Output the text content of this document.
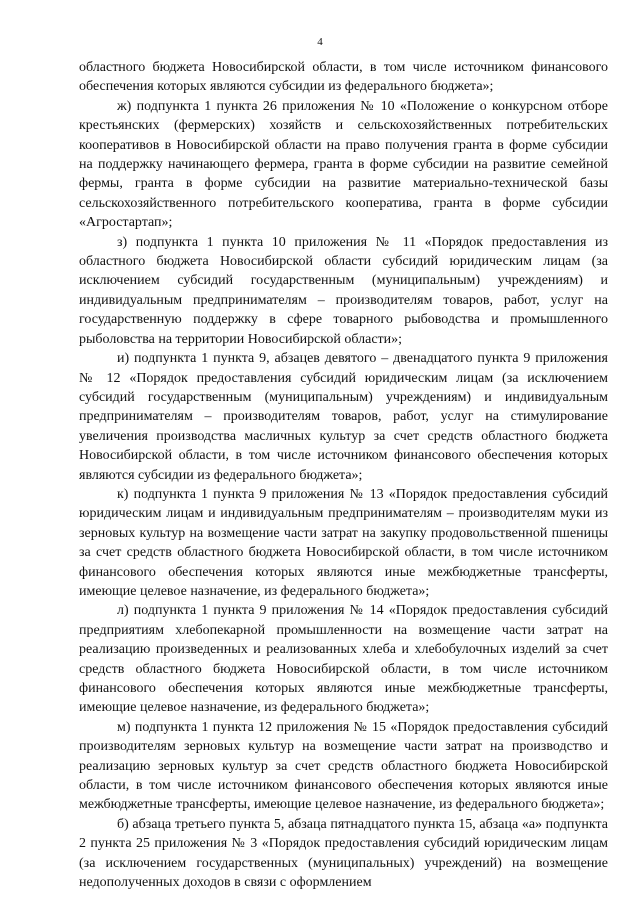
4

областного бюджета Новосибирской области, в том числе источником финансового обеспечения которых являются субсидии из федерального бюджета»;

ж) подпункта 1 пункта 26 приложения № 10 «Положение о конкурсном отборе крестьянских (фермерских) хозяйств и сельскохозяйственных потребительских кооперативов в Новосибирской области на право получения гранта в форме субсидии на поддержку начинающего фермера, гранта в форме субсидии на развитие семейной фермы, гранта в форме субсидии на развитие материально-технической базы сельскохозяйственного потребительского кооператива, гранта в форме субсидии «Агростартап»;

з) подпункта 1 пункта 10 приложения № 11 «Порядок предоставления из областного бюджета Новосибирской области субсидий юридическим лицам (за исключением субсидий государственным (муниципальным) учреждениям) и индивидуальным предпринимателям – производителям товаров, работ, услуг на государственную поддержку в сфере товарного рыбоводства и промышленного рыболовства на территории Новосибирской области»;

и) подпункта 1 пункта 9, абзацев девятого – двенадцатого пункта 9 приложения № 12 «Порядок предоставления субсидий юридическим лицам (за исключением субсидий государственным (муниципальным) учреждениям) и индивидуальным предпринимателям – производителям товаров, работ, услуг на стимулирование увеличения производства масличных культур за счет средств областного бюджета Новосибирской области, в том числе источником финансового обеспечения которых являются субсидии из федерального бюджета»;

к) подпункта 1 пункта 9 приложения № 13 «Порядок предоставления субсидий юридическим лицам и индивидуальным предпринимателям – производителям муки из зерновых культур на возмещение части затрат на закупку продовольственной пшеницы за счет средств областного бюджета Новосибирской области, в том числе источником финансового обеспечения которых являются иные межбюджетные трансферты, имеющие целевое назначение, из федерального бюджета»;

л) подпункта 1 пункта 9 приложения № 14 «Порядок предоставления субсидий предприятиям хлебопекарной промышленности на возмещение части затрат на реализацию произведенных и реализованных хлеба и хлебобулочных изделий за счет средств областного бюджета Новосибирской области, в том числе источником финансового обеспечения которых являются иные межбюджетные трансферты, имеющие целевое назначение, из федерального бюджета»;

м) подпункта 1 пункта 12 приложения № 15 «Порядок предоставления субсидий производителям зерновых культур на возмещение части затрат на производство и реализацию зерновых культур за счет средств областного бюджета Новосибирской области, в том числе источником финансового обеспечения которых являются иные межбюджетные трансферты, имеющие целевое назначение, из федерального бюджета»;

б) абзаца третьего пункта 5, абзаца пятнадцатого пункта 15, абзаца «а» подпункта 2 пункта 25 приложения № 3 «Порядок предоставления субсидий юридическим лицам (за исключением государственных (муниципальных) учреждений) на возмещение недополученных доходов в связи с оформлением
